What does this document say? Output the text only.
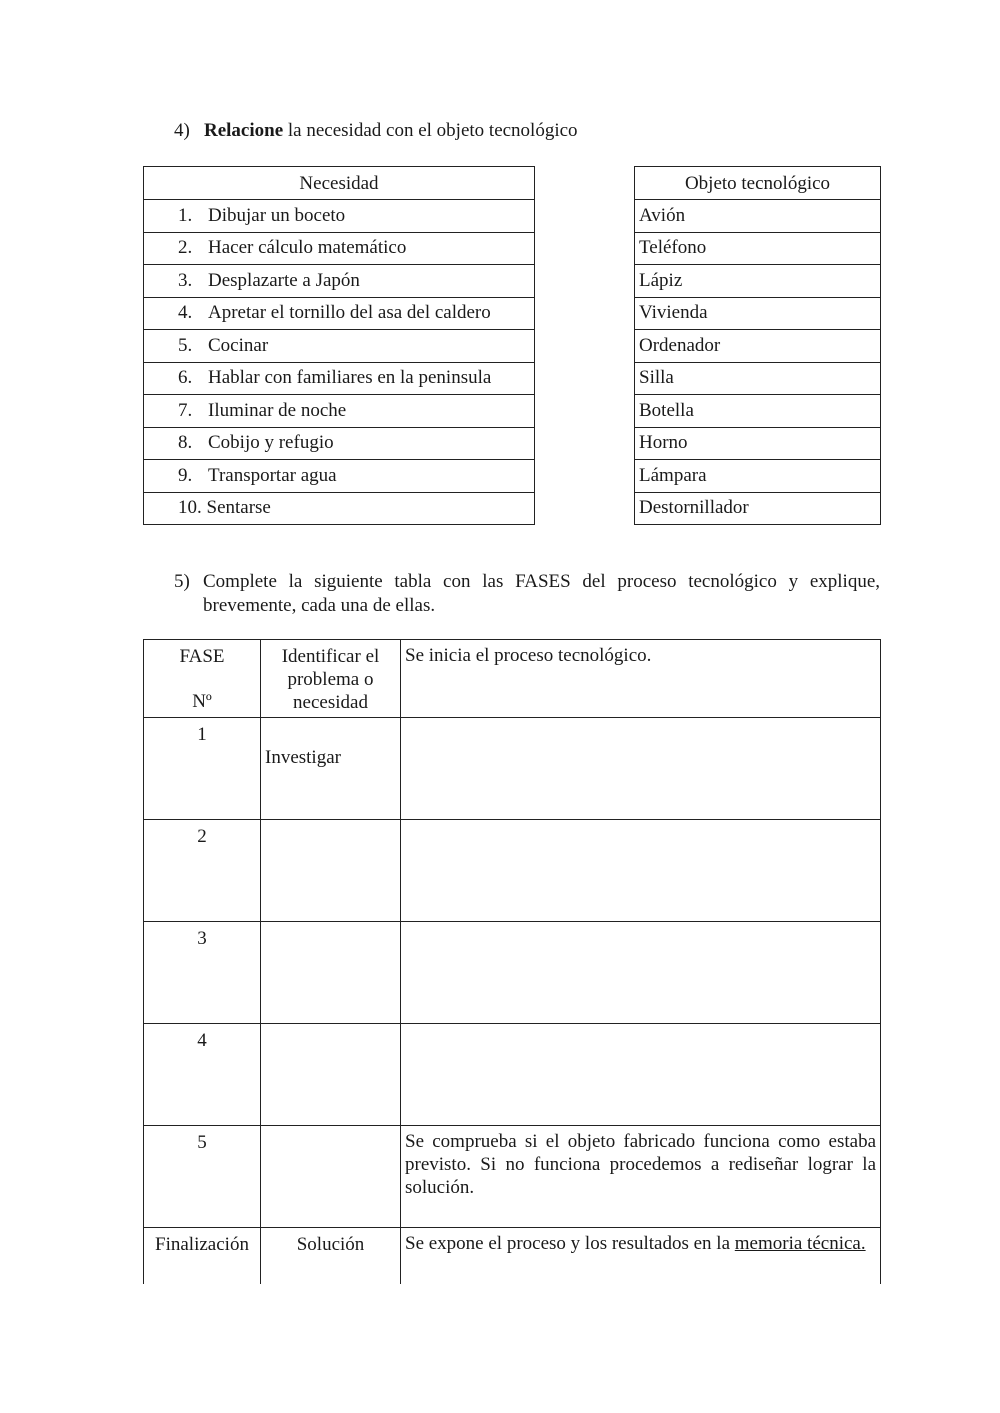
4) Relacione la necesidad con el objeto tecnológico
Necesidad
1. Dibujar un boceto
2. Hacer cálculo matemático
3. Desplazarte a Japón
4. Apretar el tornillo del asa del caldero
5. Cocinar
6. Hablar con familiares en la peninsula
7. Iluminar de noche
8. Cobijo y refugio
9. Transportar agua
10. Sentarse
Objeto tecnológico
Avión
Teléfono
Lápiz
Vivienda
Ordenador
Silla
Botella
Horno
Lámpara
Destornillador
5) Complete la siguiente tabla con las FASES del proceso tecnológico y explique, brevemente, cada una de ellas.
FASE
Nº	Identificar el problema o necesidad	Se inicia el proceso tecnológico.
1	Investigar	

2		
3		
4		
5		Se comprueba si el objeto fabricado funciona como estaba previsto. Si no funciona procedemos a rediseñar lograr la solución.
Finalización	Solución	Se expone el proceso y los resultados en la memoria técnica.
